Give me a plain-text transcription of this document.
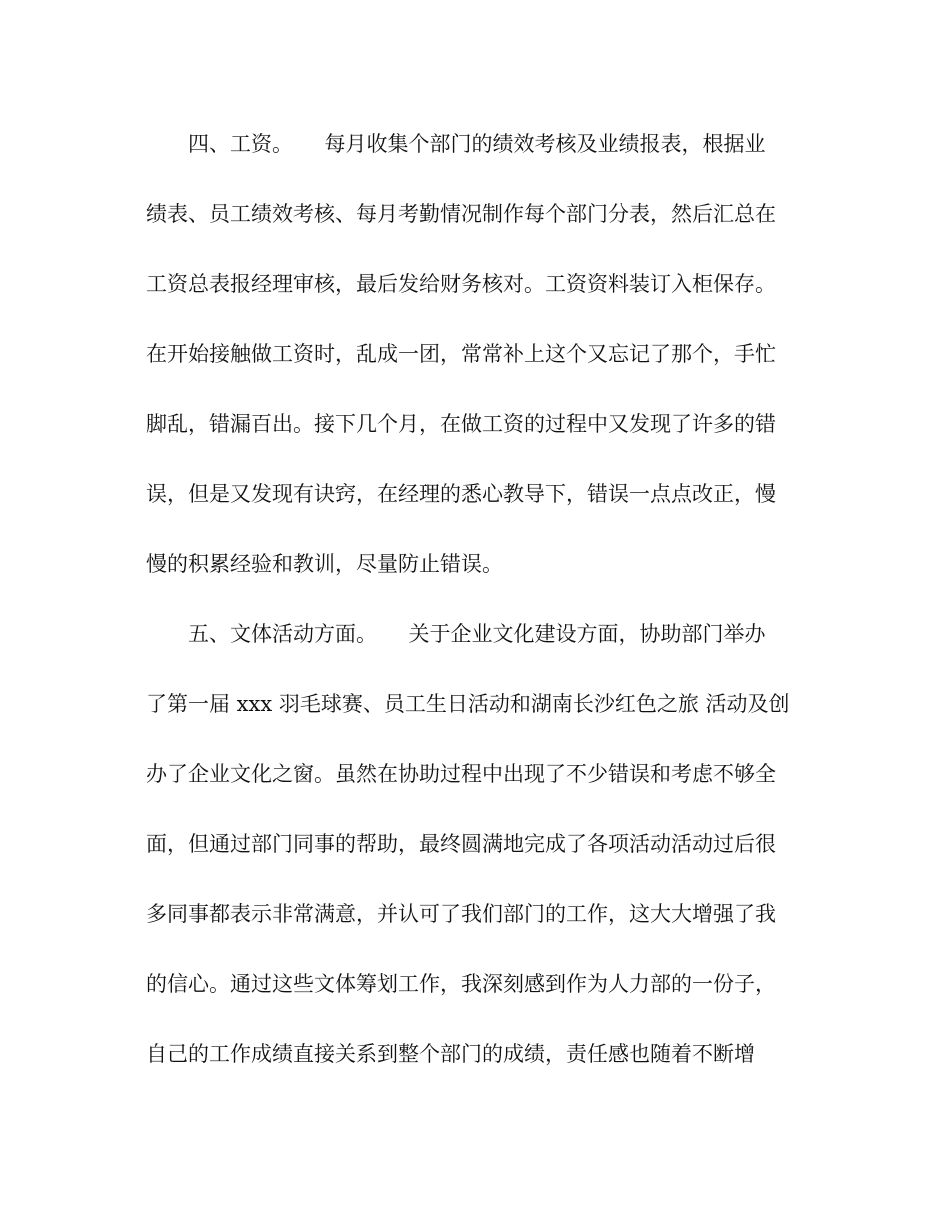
四、工资。　　每月收集个部门的绩效考核及业绩报表，根据业
绩表、员工绩效考核、每月考勤情况制作每个部门分表，然后汇总在
工资总表报经理审核，最后发给财务核对。工资资料装订入柜保存。
在开始接触做工资时，乱成一团，常常补上这个又忘记了那个，手忙
脚乱，错漏百出。接下几个月，在做工资的过程中又发现了许多的错
误，但是又发现有诀窍，在经理的悉心教导下，错误一点点改正，慢
慢的积累经验和教训，尽量防止错误。
五、文体活动方面。　　关于企业文化建设方面，协助部门举办
了第一届 xxx 羽毛球赛、员工生日活动和湖南长沙红色之旅 活动及创
办了企业文化之窗。虽然在协助过程中出现了不少错误和考虑不够全
面，但通过部门同事的帮助，最终圆满地完成了各项活动活动过后很
多同事都表示非常满意，并认可了我们部门的工作，这大大增强了我
的信心。通过这些文体筹划工作，我深刻感到作为人力部的一份子，
自己的工作成绩直接关系到整个部门的成绩，责任感也随着不断增
